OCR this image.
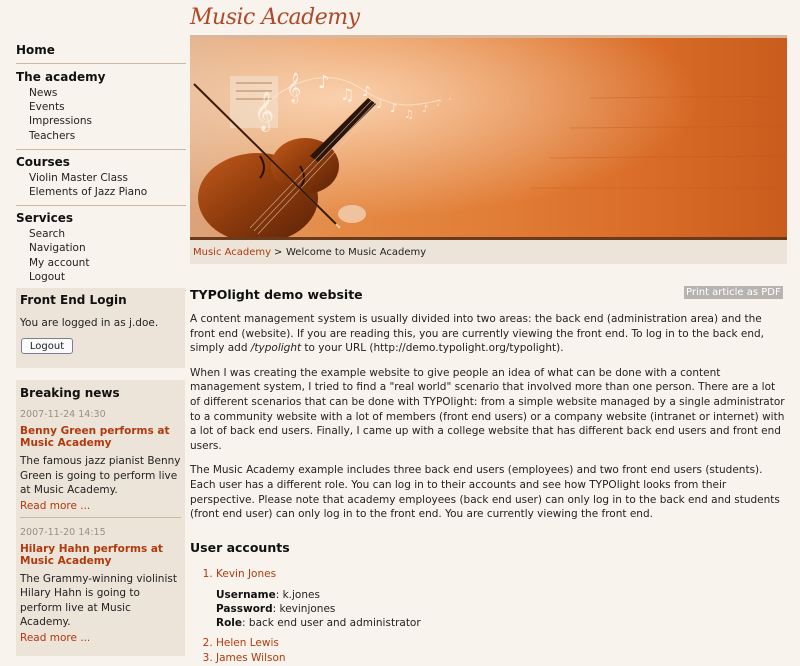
Music Academy
Home
The academy
News
Events
Impressions
Teachers
Courses
Violin Master Class
Elements of Jazz Piano
Services
Search
Navigation
My account
Logout
Front End Login
You are logged in as j.doe.
Logout
Breaking news
2007-11-24 14:30
Benny Green performs at Music Academy
The famous jazz pianist Benny Green is going to perform live at Music Academy.
Read more ...
2007-11-20 14:15
Hilary Hahn performs at Music Academy
The Grammy-winning violinist Hilary Hahn is going to perform live at Music Academy.
Read more ...
𝄞
𝄞 ♪
♫ ♪
♩ ♪ ♫ ♪ ♪
♩
Music Academy > Welcome to Music Academy
Print article as PDF
TYPOlight demo website

A content management system is usually divided into two areas: the back end (administration area) and the front end (website). If you are reading this, you are currently viewing the front end. To log in to the back end, simply add /typolight to your URL (http://demo.typolight.org/typolight).

When I was creating the example website to give people an idea of what can be done with a content management system, I tried to find a "real world" scenario that involved more than one person. There are a lot of different scenarios that can be done with TYPOlight: from a simple website managed by a single administrator to a community website with a lot of members (front end users) or a company website (intranet or internet) with a lot of back end users. Finally, I came up with a college website that has different back end users and front end users.

The Music Academy example includes three back end users (employees) and two front end users (students). Each user has a different role. You can log in to their accounts and see how TYPOlight looks from their perspective. Please note that academy employees (back end user) can only log in to the back end and students (front end user) can only log in to the front end. You are currently viewing the front end.

User accounts
1. Kevin Jones
Username: k.jones
Password: kevinjones
Role: back end user and administrator
2. Helen Lewis
3. James Wilson
